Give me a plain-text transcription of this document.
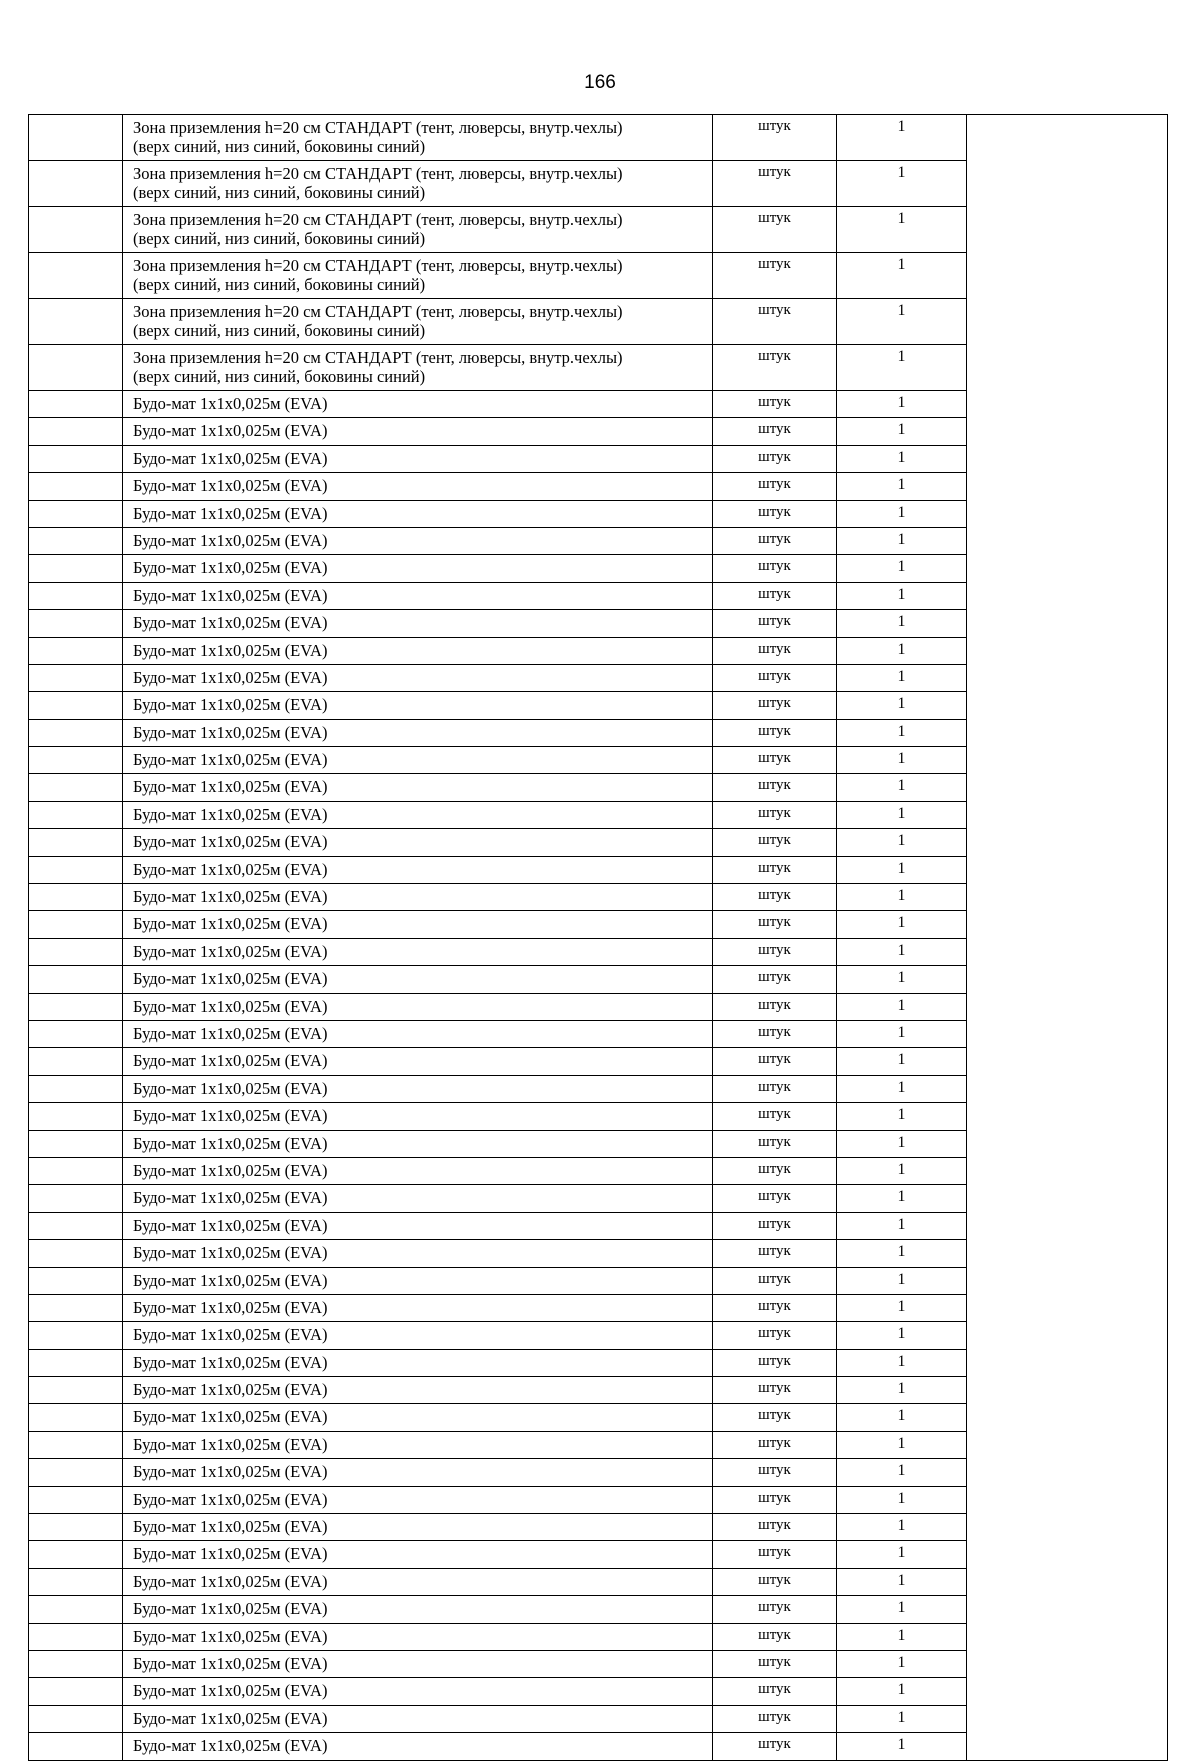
166

	Зона приземления h=20 см СТАНДАРТ (тент, люверсы, внутр.чехлы)
(верх синий, низ синий, боковины синий)	штук	1	

	Зона приземления h=20 см СТАНДАРТ (тент, люверсы, внутр.чехлы)
(верх синий, низ синий, боковины синий)	штук	1	

	Зона приземления h=20 см СТАНДАРТ (тент, люверсы, внутр.чехлы)
(верх синий, низ синий, боковины синий)	штук	1	

	Зона приземления h=20 см СТАНДАРТ (тент, люверсы, внутр.чехлы)
(верх синий, низ синий, боковины синий)	штук	1	

	Зона приземления h=20 см СТАНДАРТ (тент, люверсы, внутр.чехлы)
(верх синий, низ синий, боковины синий)	штук	1	

	Зона приземления h=20 см СТАНДАРТ (тент, люверсы, внутр.чехлы)
(верх синий, низ синий, боковины синий)	штук	1	

	Будо-мат 1x1x0,025м (EVA)	штук	1	

	Будо-мат 1x1x0,025м (EVA)	штук	1	

	Будо-мат 1x1x0,025м (EVA)	штук	1	

	Будо-мат 1x1x0,025м (EVA)	штук	1	

	Будо-мат 1x1x0,025м (EVA)	штук	1	

	Будо-мат 1x1x0,025м (EVA)	штук	1	

	Будо-мат 1x1x0,025м (EVA)	штук	1	

	Будо-мат 1x1x0,025м (EVA)	штук	1	

	Будо-мат 1x1x0,025м (EVA)	штук	1	

	Будо-мат 1x1x0,025м (EVA)	штук	1	

	Будо-мат 1x1x0,025м (EVA)	штук	1	

	Будо-мат 1x1x0,025м (EVA)	штук	1	

	Будо-мат 1x1x0,025м (EVA)	штук	1	

	Будо-мат 1x1x0,025м (EVA)	штук	1	

	Будо-мат 1x1x0,025м (EVA)	штук	1	

	Будо-мат 1x1x0,025м (EVA)	штук	1	

	Будо-мат 1x1x0,025м (EVA)	штук	1	

	Будо-мат 1x1x0,025м (EVA)	штук	1	

	Будо-мат 1x1x0,025м (EVA)	штук	1	

	Будо-мат 1x1x0,025м (EVA)	штук	1	

	Будо-мат 1x1x0,025м (EVA)	штук	1	

	Будо-мат 1x1x0,025м (EVA)	штук	1	

	Будо-мат 1x1x0,025м (EVA)	штук	1	

	Будо-мат 1x1x0,025м (EVA)	штук	1	

	Будо-мат 1x1x0,025м (EVA)	штук	1	

	Будо-мат 1x1x0,025м (EVA)	штук	1	

	Будо-мат 1x1x0,025м (EVA)	штук	1	

	Будо-мат 1x1x0,025м (EVA)	штук	1	

	Будо-мат 1x1x0,025м (EVA)	штук	1	

	Будо-мат 1x1x0,025м (EVA)	штук	1	

	Будо-мат 1x1x0,025м (EVA)	штук	1	

	Будо-мат 1x1x0,025м (EVA)	штук	1	

	Будо-мат 1x1x0,025м (EVA)	штук	1	

	Будо-мат 1x1x0,025м (EVA)	штук	1	

	Будо-мат 1x1x0,025м (EVA)	штук	1	

	Будо-мат 1x1x0,025м (EVA)	штук	1	

	Будо-мат 1x1x0,025м (EVA)	штук	1	

	Будо-мат 1x1x0,025м (EVA)	штук	1	

	Будо-мат 1x1x0,025м (EVA)	штук	1	

	Будо-мат 1x1x0,025м (EVA)	штук	1	

	Будо-мат 1x1x0,025м (EVA)	штук	1	

	Будо-мат 1x1x0,025м (EVA)	штук	1	

	Будо-мат 1x1x0,025м (EVA)	штук	1	

	Будо-мат 1x1x0,025м (EVA)	штук	1	

	Будо-мат 1x1x0,025м (EVA)	штук	1	

	Будо-мат 1x1x0,025м (EVA)	штук	1	

	Будо-мат 1x1x0,025м (EVA)	штук	1	

	Будо-мат 1x1x0,025м (EVA)	штук	1	

	Будо-мат 1x1x0,025м (EVA)	штук	1	

	Будо-мат 1x1x0,025м (EVA)	штук	1	
